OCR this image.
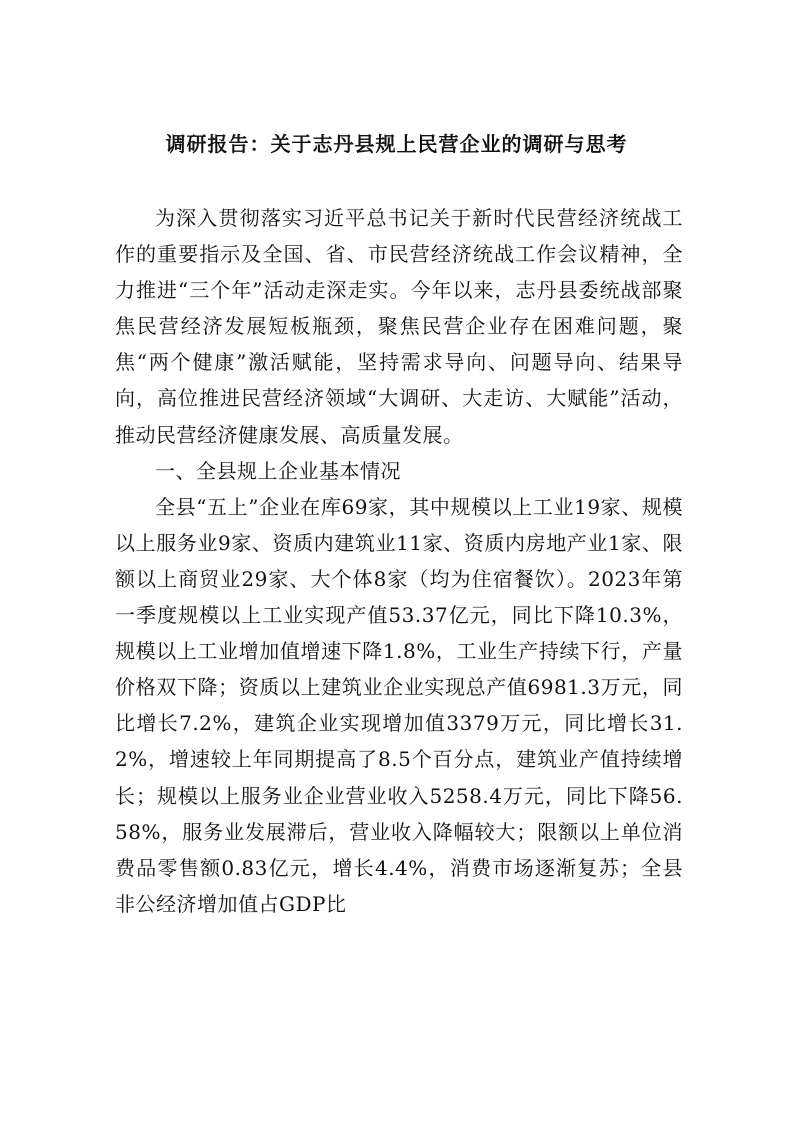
调研报告：关于志丹县规上民营企业的调研与思考

为深入贯彻落实习近平总书记关于新时代民营经济统战工作的重要指示及全国、省、市民营经济统战工作会议精神，全力推进“三个年”活动走深走实。今年以来，志丹县委统战部聚焦民营经济发展短板瓶颈，聚焦民营企业存在困难问题，聚焦“两个健康”激活赋能，坚持需求导向、问题导向、结果导向，高位推进民营经济领域“大调研、大走访、大赋能”活动，推动民营经济健康发展、高质量发展。

一、全县规上企业基本情况

全县“五上”企业在库69家，其中规模以上工业19家、规模以上服务业9家、资质内建筑业11家、资质内房地产业1家、限额以上商贸业29家、大个体8家（均为住宿餐饮）。2023年第一季度规模以上工业实现产值53.37亿元，同比下降10.3%，规模以上工业增加值增速下降1.8%，工业生产持续下行，产量价格双下降；资质以上建筑业企业实现总产值6981.3万元，同比增长7.2%，建筑企业实现增加值3379万元，同比增长31.2%，增速较上年同期提高了8.5个百分点，建筑业产值持续增长；规模以上服务业企业营业收入5258.4万元，同比下降56.58%，服务业发展滞后，营业收入降幅较大；限额以上单位消费品零售额0.83亿元，增长4.4%，消费市场逐渐复苏；全县非公经济增加值占GDP比
